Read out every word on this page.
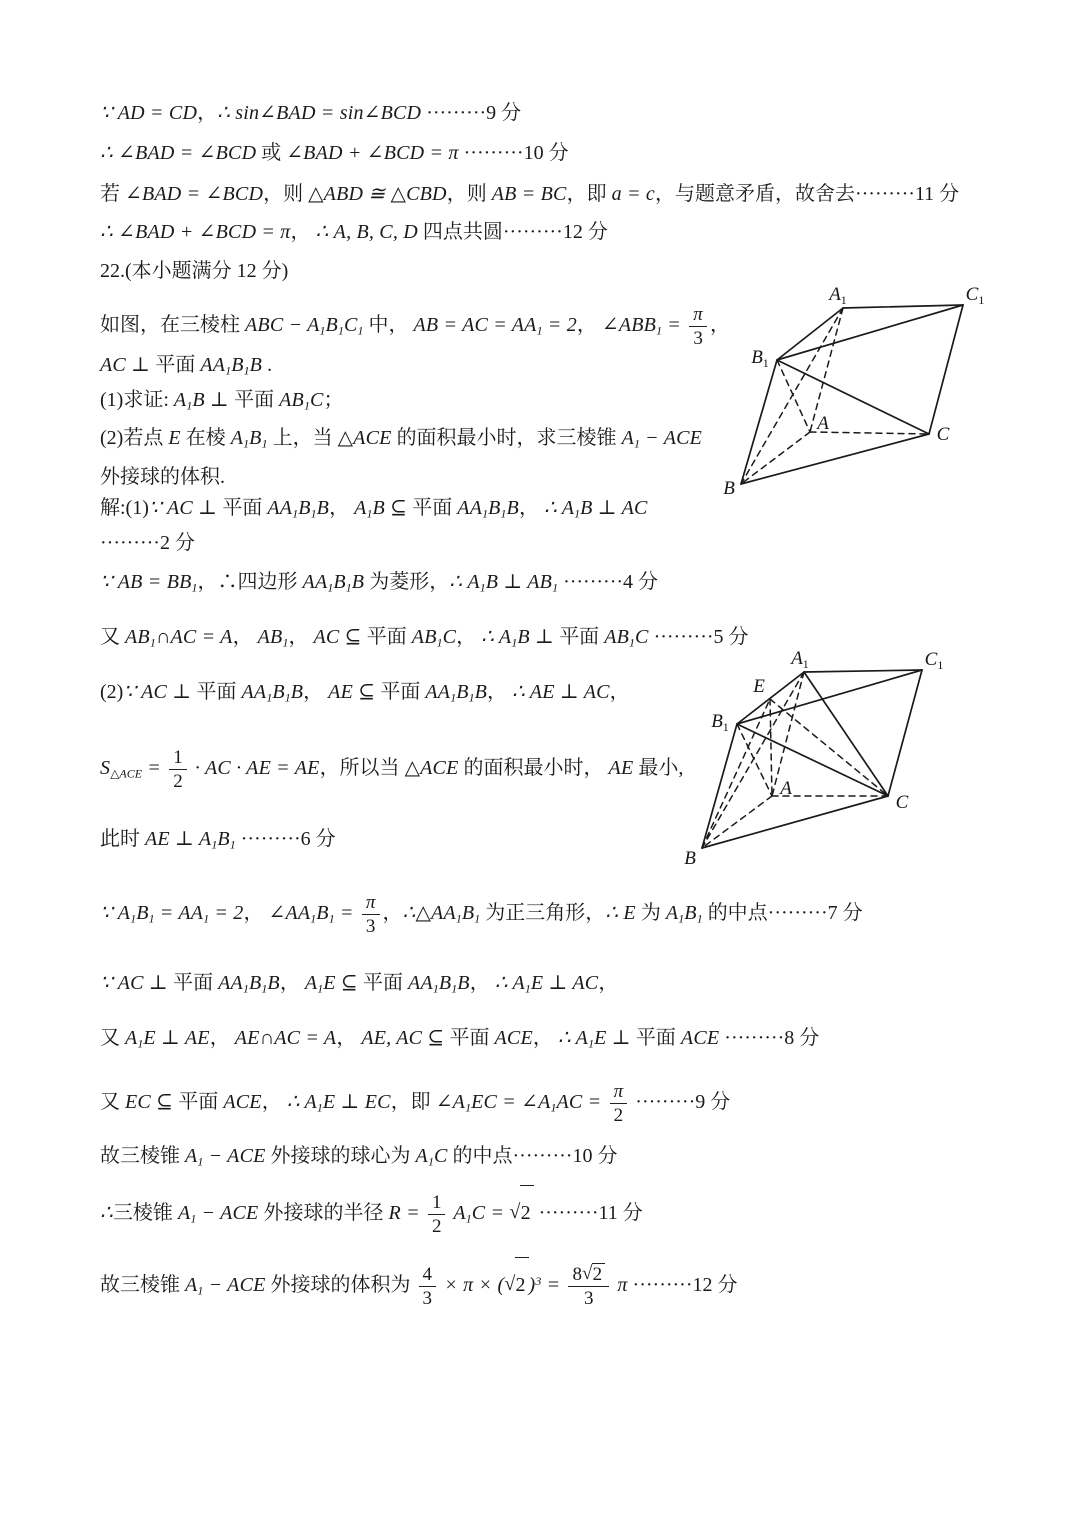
∵ AD = CD，∴ sin∠BAD = sin∠BCD ·········9 分
∴ ∠BAD = ∠BCD 或 ∠BAD + ∠BCD = π ·········10 分
若 ∠BAD = ∠BCD，则 △ABD ≅ △CBD，则 AB = BC，即 a = c，与题意矛盾，故舍去·········11 分
∴ ∠BAD + ∠BCD = π， ∴ A, B, C, D 四点共圆·········12 分
22.(本小题满分 12 分)
如图，在三棱柱 ABC − A1B1C1 中， AB = AC = AA1 = 2， ∠ABB1 = $\frac{\pi}{3}$ ，
AC ⊥ 平面 AA1B1B .
(1)求证: A1B ⊥ 平面 AB1C；
(2)若点 E 在棱 A1B1 上，当 △ACE 的面积最小时，求三棱锥 A1 − ACE
外接球的体积.
解:(1)∵ AC ⊥ 平面 AA1B1B， A1B ⊆ 平面 AA1B1B， ∴ A1B ⊥ AC
·········2 分
∵ AB = BB1，∴四边形 AA1B1B 为菱形，∴ A1B ⊥ AB1 ·········4 分
又 AB1∩AC = A， AB1， AC ⊆ 平面 AB1C， ∴ A1B ⊥ 平面 AB1C ·········5 分
(2)∵ AC ⊥ 平面 AA1B1B， AE ⊆ 平面 AA1B1B， ∴ AE ⊥ AC，
S△ACE = $\frac{1}{2}$ · AC · AE = AE，所以当 △ACE 的面积最小时， AE 最小,
此时 AE ⊥ A1B1 ·········6 分
∵ A1B1 = AA1 = 2， ∠AA1B1 = $\frac{\pi}{3}$ ，∴△AA1B1 为正三角形，∴ E 为 A1B1 的中点·········7 分
∵ AC ⊥ 平面 AA1B1B， A1E ⊆ 平面 AA1B1B， ∴ A1E ⊥ AC，
又 A1E ⊥ AE， AE∩AC = A， AE, AC ⊆ 平面 ACE， ∴ A1E ⊥ 平面 ACE ·········8 分
又 EC ⊆ 平面 ACE， ∴ A1E ⊥ EC，即 ∠A1EC = ∠A1AC = $\frac{\pi}{2} \cdot\cdot\cdot\cdot\cdot\cdot\cdot\cdot\cdot 9$ 分
故三棱锥 A1 − ACE 外接球的球心为 A1C 的中点·········10 分
∴三棱锥 A1 − ACE 外接球的半径 $R = \frac{1}{2} A1C = √2 \cdot\cdot\cdot\cdot\cdot\cdot\cdot\cdot\cdot 11$ 分
故三棱锥 A1 − ACE 外接球的体积为 $\frac{4}{3} \times \pi \times (√2$ )$^3 = \frac{8√2}{3}$ π ·········12 分
$A_1$	$C_1$
$B_1$
A
C
B
$A_1$	$C_1$
E
$B_1$
A
C
B
